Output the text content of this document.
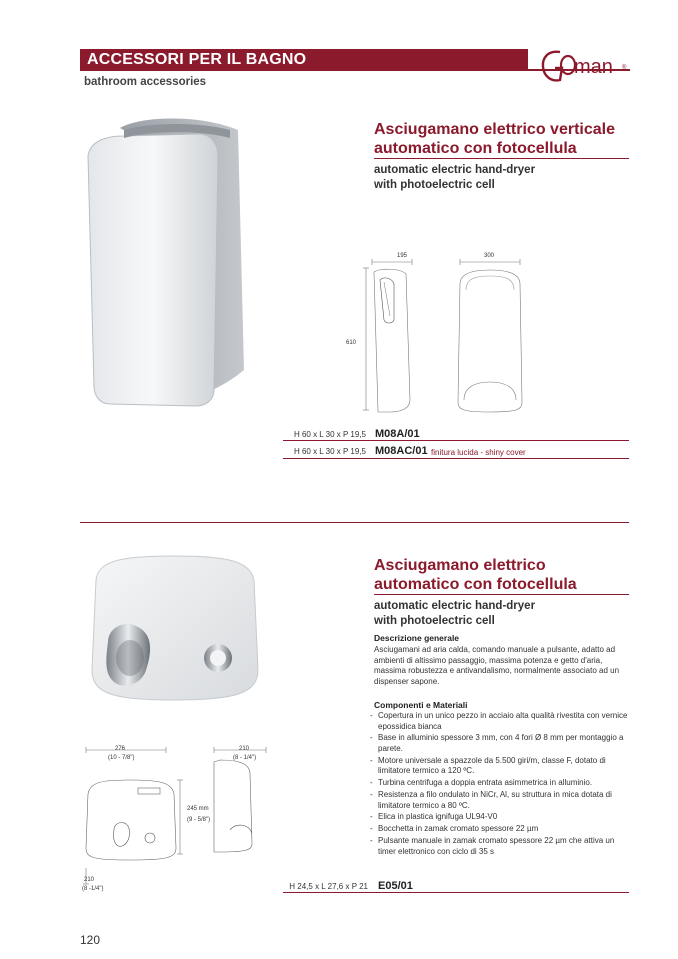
ACCESSORI PER IL BAGNO
bathroom accessories
man ®
Asciugamano elettrico verticale
automatico con fotocellula
automatic electric hand-dryer
with photoelectric cell
195	300
610
H 60 x L 30 x P 19,5 M08A/01
H 60 x L 30 x P 19,5 M08AC/01 finitura lucida - shiny cover
Asciugamano elettrico
automatico con fotocellula
automatic electric hand-dryer
with photoelectric cell
Descrizione generale
Asciugamani ad aria calda, comando manuale a pulsante, adatto ad ambienti di altissimo passaggio, massima potenza e getto d'aria, massima robustezza e antivandalismo, normalmente associato ad un dispenser sapone.
Componenti e Materiali
- Copertura in un unico pezzo in acciaio alta qualità rivestita con vernice epossidica bianca
- Base in alluminio spessore 3 mm, con 4 fori Ø 8 mm per montaggio a parete.
- Motore universale a spazzole da 5.500 giri/m, classe F, dotato di limitatore termico a 120 ºC.
- Turbina centrifuga a doppia entrata asimmetrica in alluminio.
- Resistenza a filo ondulato in NiCr, Al, su struttura in mica dotata di limitatore termico a 80 ºC.
- Elica in plastica ignifuga UL94-V0
- Bocchetta in zamak cromato spessore 22 µm
- Pulsante manuale in zamak cromato spessore 22 µm che attiva un timer elettronico con ciclo di 35 s
276
(10 - 7/8")
210
(8 - 1/4")
245 mm
(9 - 5/8")
210
(8 -1/4")	H 24,5 x L 27,6 x P 21 E05/01
120
